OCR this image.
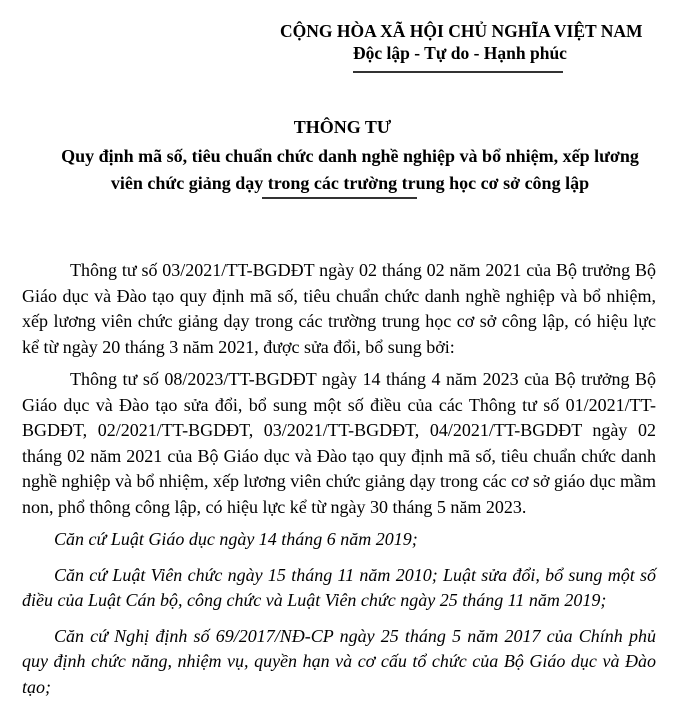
CỘNG HÒA XÃ HỘI CHỦ NGHĨA VIỆT NAM
Độc lập - Tự do - Hạnh phúc
THÔNG TƯ
Quy định mã số, tiêu chuẩn chức danh nghề nghiệp và bổ nhiệm, xếp lương
viên chức giảng dạy trong các trường trung học cơ sở công lập

Thông tư số 03/2021/TT-BGDĐT ngày 02 tháng 02 năm 2021 của Bộ trưởng Bộ Giáo dục và Đào tạo quy định mã số, tiêu chuẩn chức danh nghề nghiệp và bổ nhiệm, xếp lương viên chức giảng dạy trong các trường trung học cơ sở công lập, có hiệu lực kể từ ngày 20 tháng 3 năm 2021, được sửa đổi, bổ sung bởi:

Thông tư số 08/2023/TT-BGDĐT ngày 14 tháng 4 năm 2023 của Bộ trưởng Bộ Giáo dục và Đào tạo sửa đổi, bổ sung một số điều của các Thông tư số 01/2021/TT-BGDĐT, 02/2021/TT-BGDĐT, 03/2021/TT-BGDĐT, 04/2021/TT-BGDĐT ngày 02 tháng 02 năm 2021 của Bộ Giáo dục và Đào tạo quy định mã số, tiêu chuẩn chức danh nghề nghiệp và bổ nhiệm, xếp lương viên chức giảng dạy trong các cơ sở giáo dục mầm non, phổ thông công lập, có hiệu lực kể từ ngày 30 tháng 5 năm 2023.

Căn cứ Luật Giáo dục ngày 14 tháng 6 năm 2019;

Căn cứ Luật Viên chức ngày 15 tháng 11 năm 2010; Luật sửa đổi, bổ sung một số điều của Luật Cán bộ, công chức và Luật Viên chức ngày 25 tháng 11 năm 2019;

Căn cứ Nghị định số 69/2017/NĐ-CP ngày 25 tháng 5 năm 2017 của Chính phủ quy định chức năng, nhiệm vụ, quyền hạn và cơ cấu tổ chức của Bộ Giáo dục và Đào tạo;
